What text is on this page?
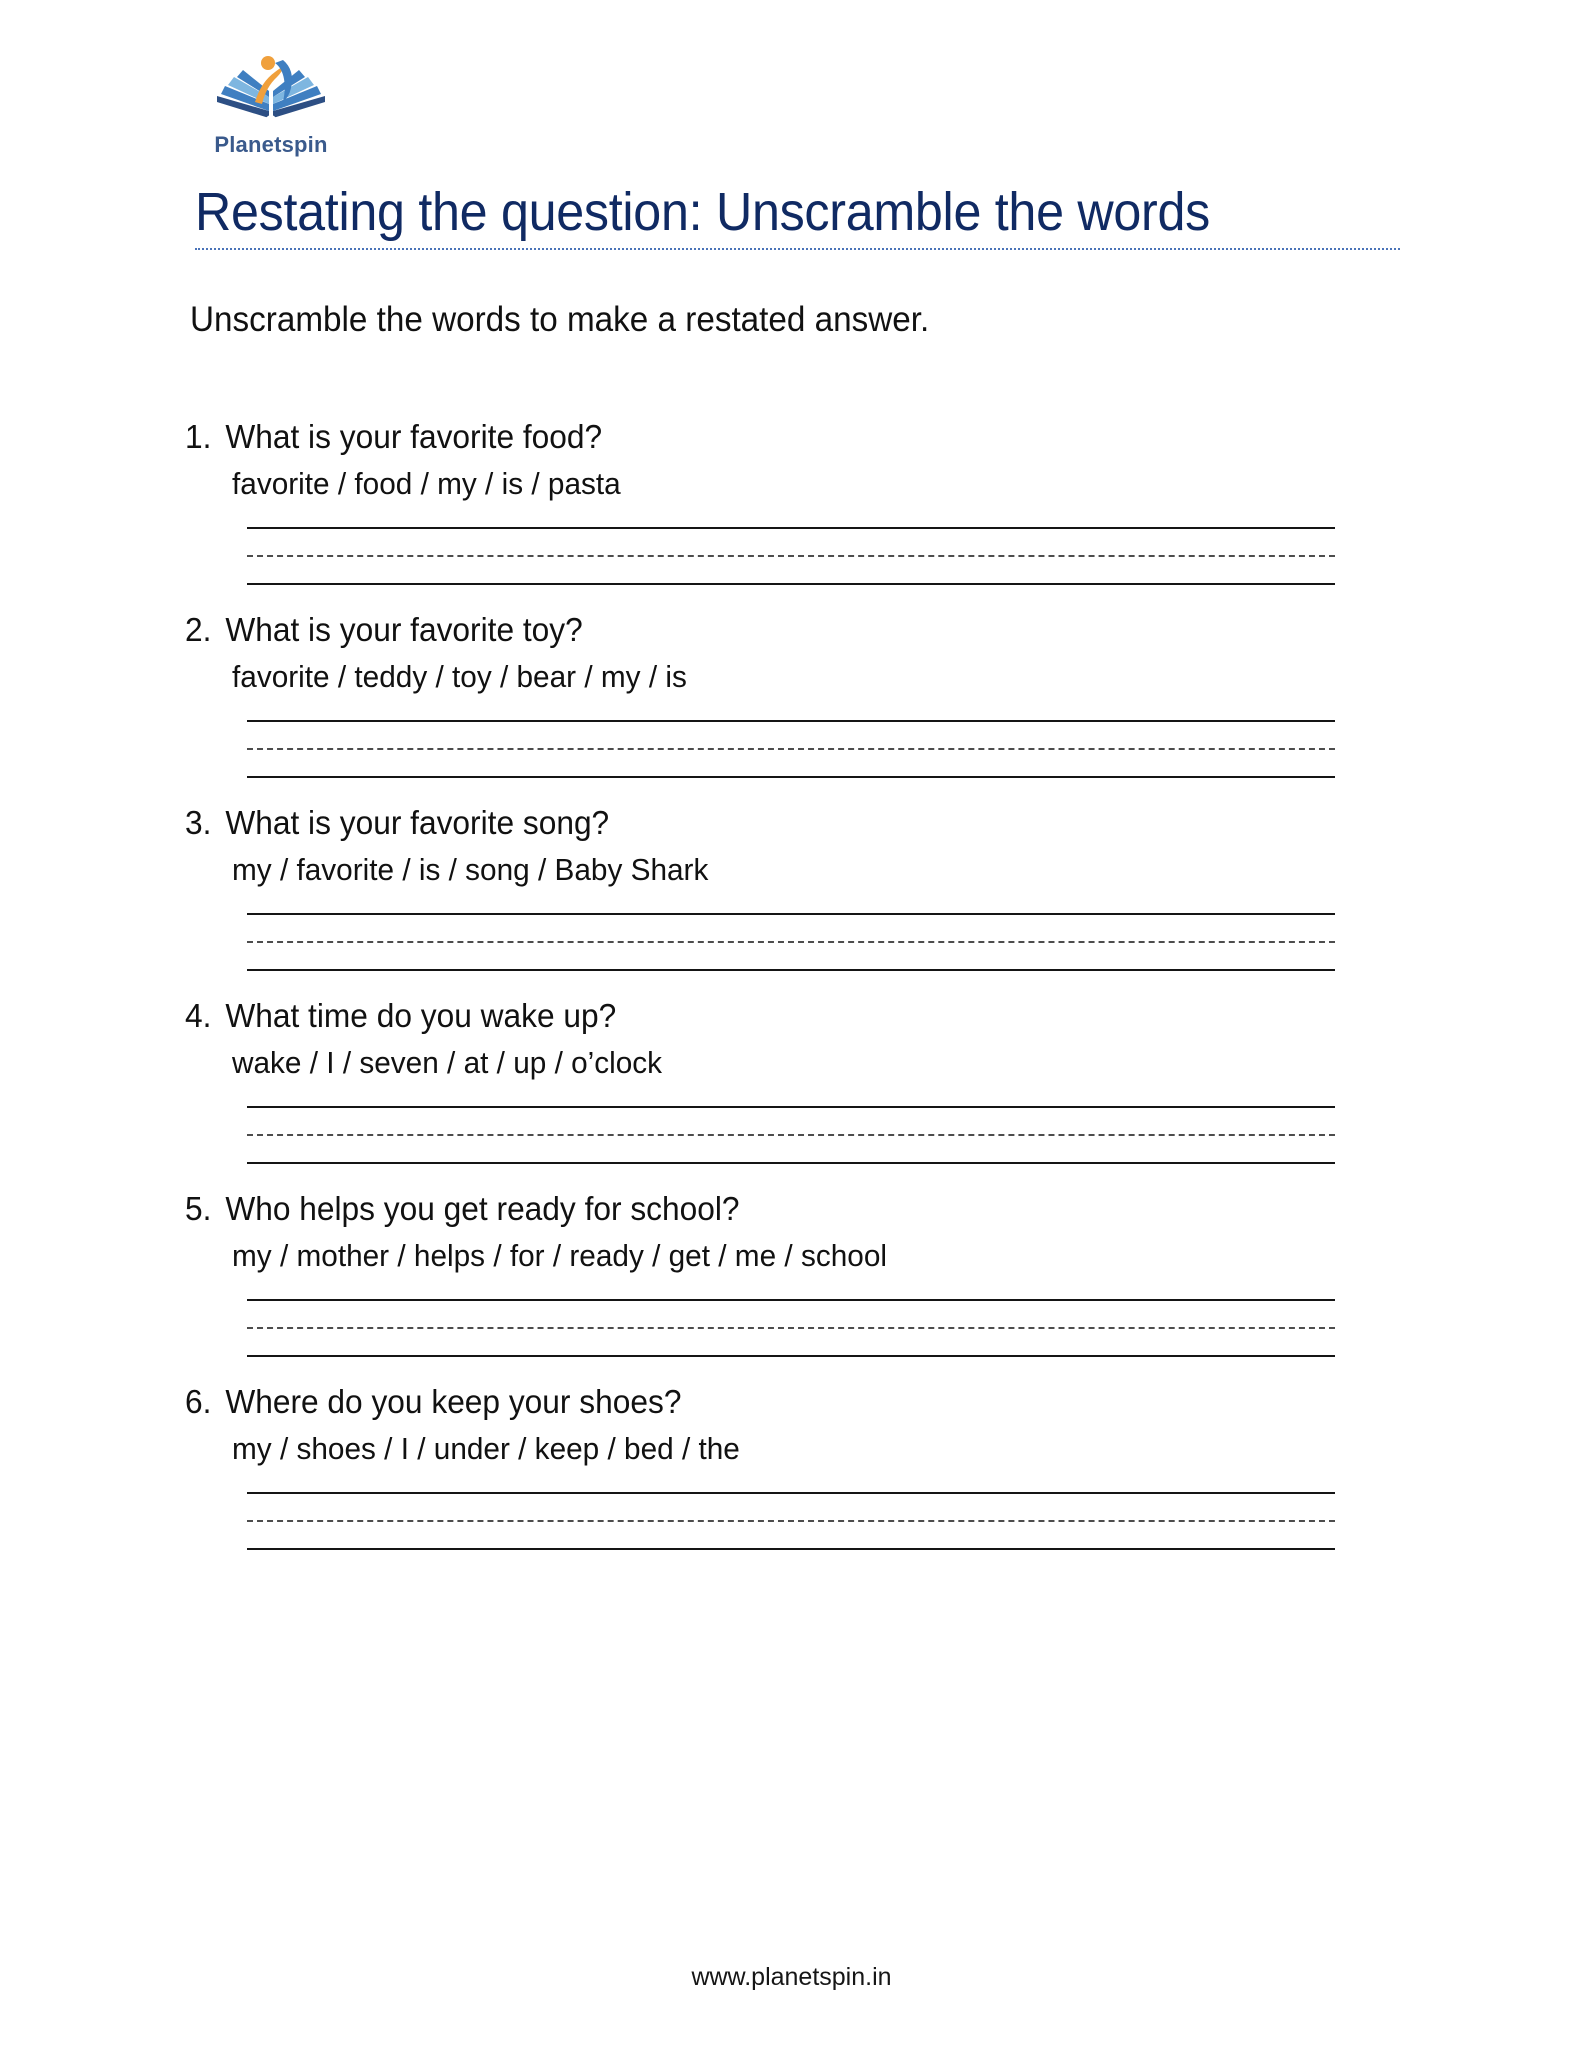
Planetspin
Restating the question: Unscramble the words
Unscramble the words to make a restated answer.
1. What is your favorite food?
favorite / food / my / is / pasta
2. What is your favorite toy?
favorite / teddy / toy / bear / my / is
3. What is your favorite song?
my / favorite / is / song / Baby Shark
4. What time do you wake up?
wake / I / seven / at / up / o’clock
5. Who helps you get ready for school?
my / mother / helps / for / ready / get / me / school
6. Where do you keep your shoes?
my / shoes / I / under / keep / bed / the
www.planetspin.in
